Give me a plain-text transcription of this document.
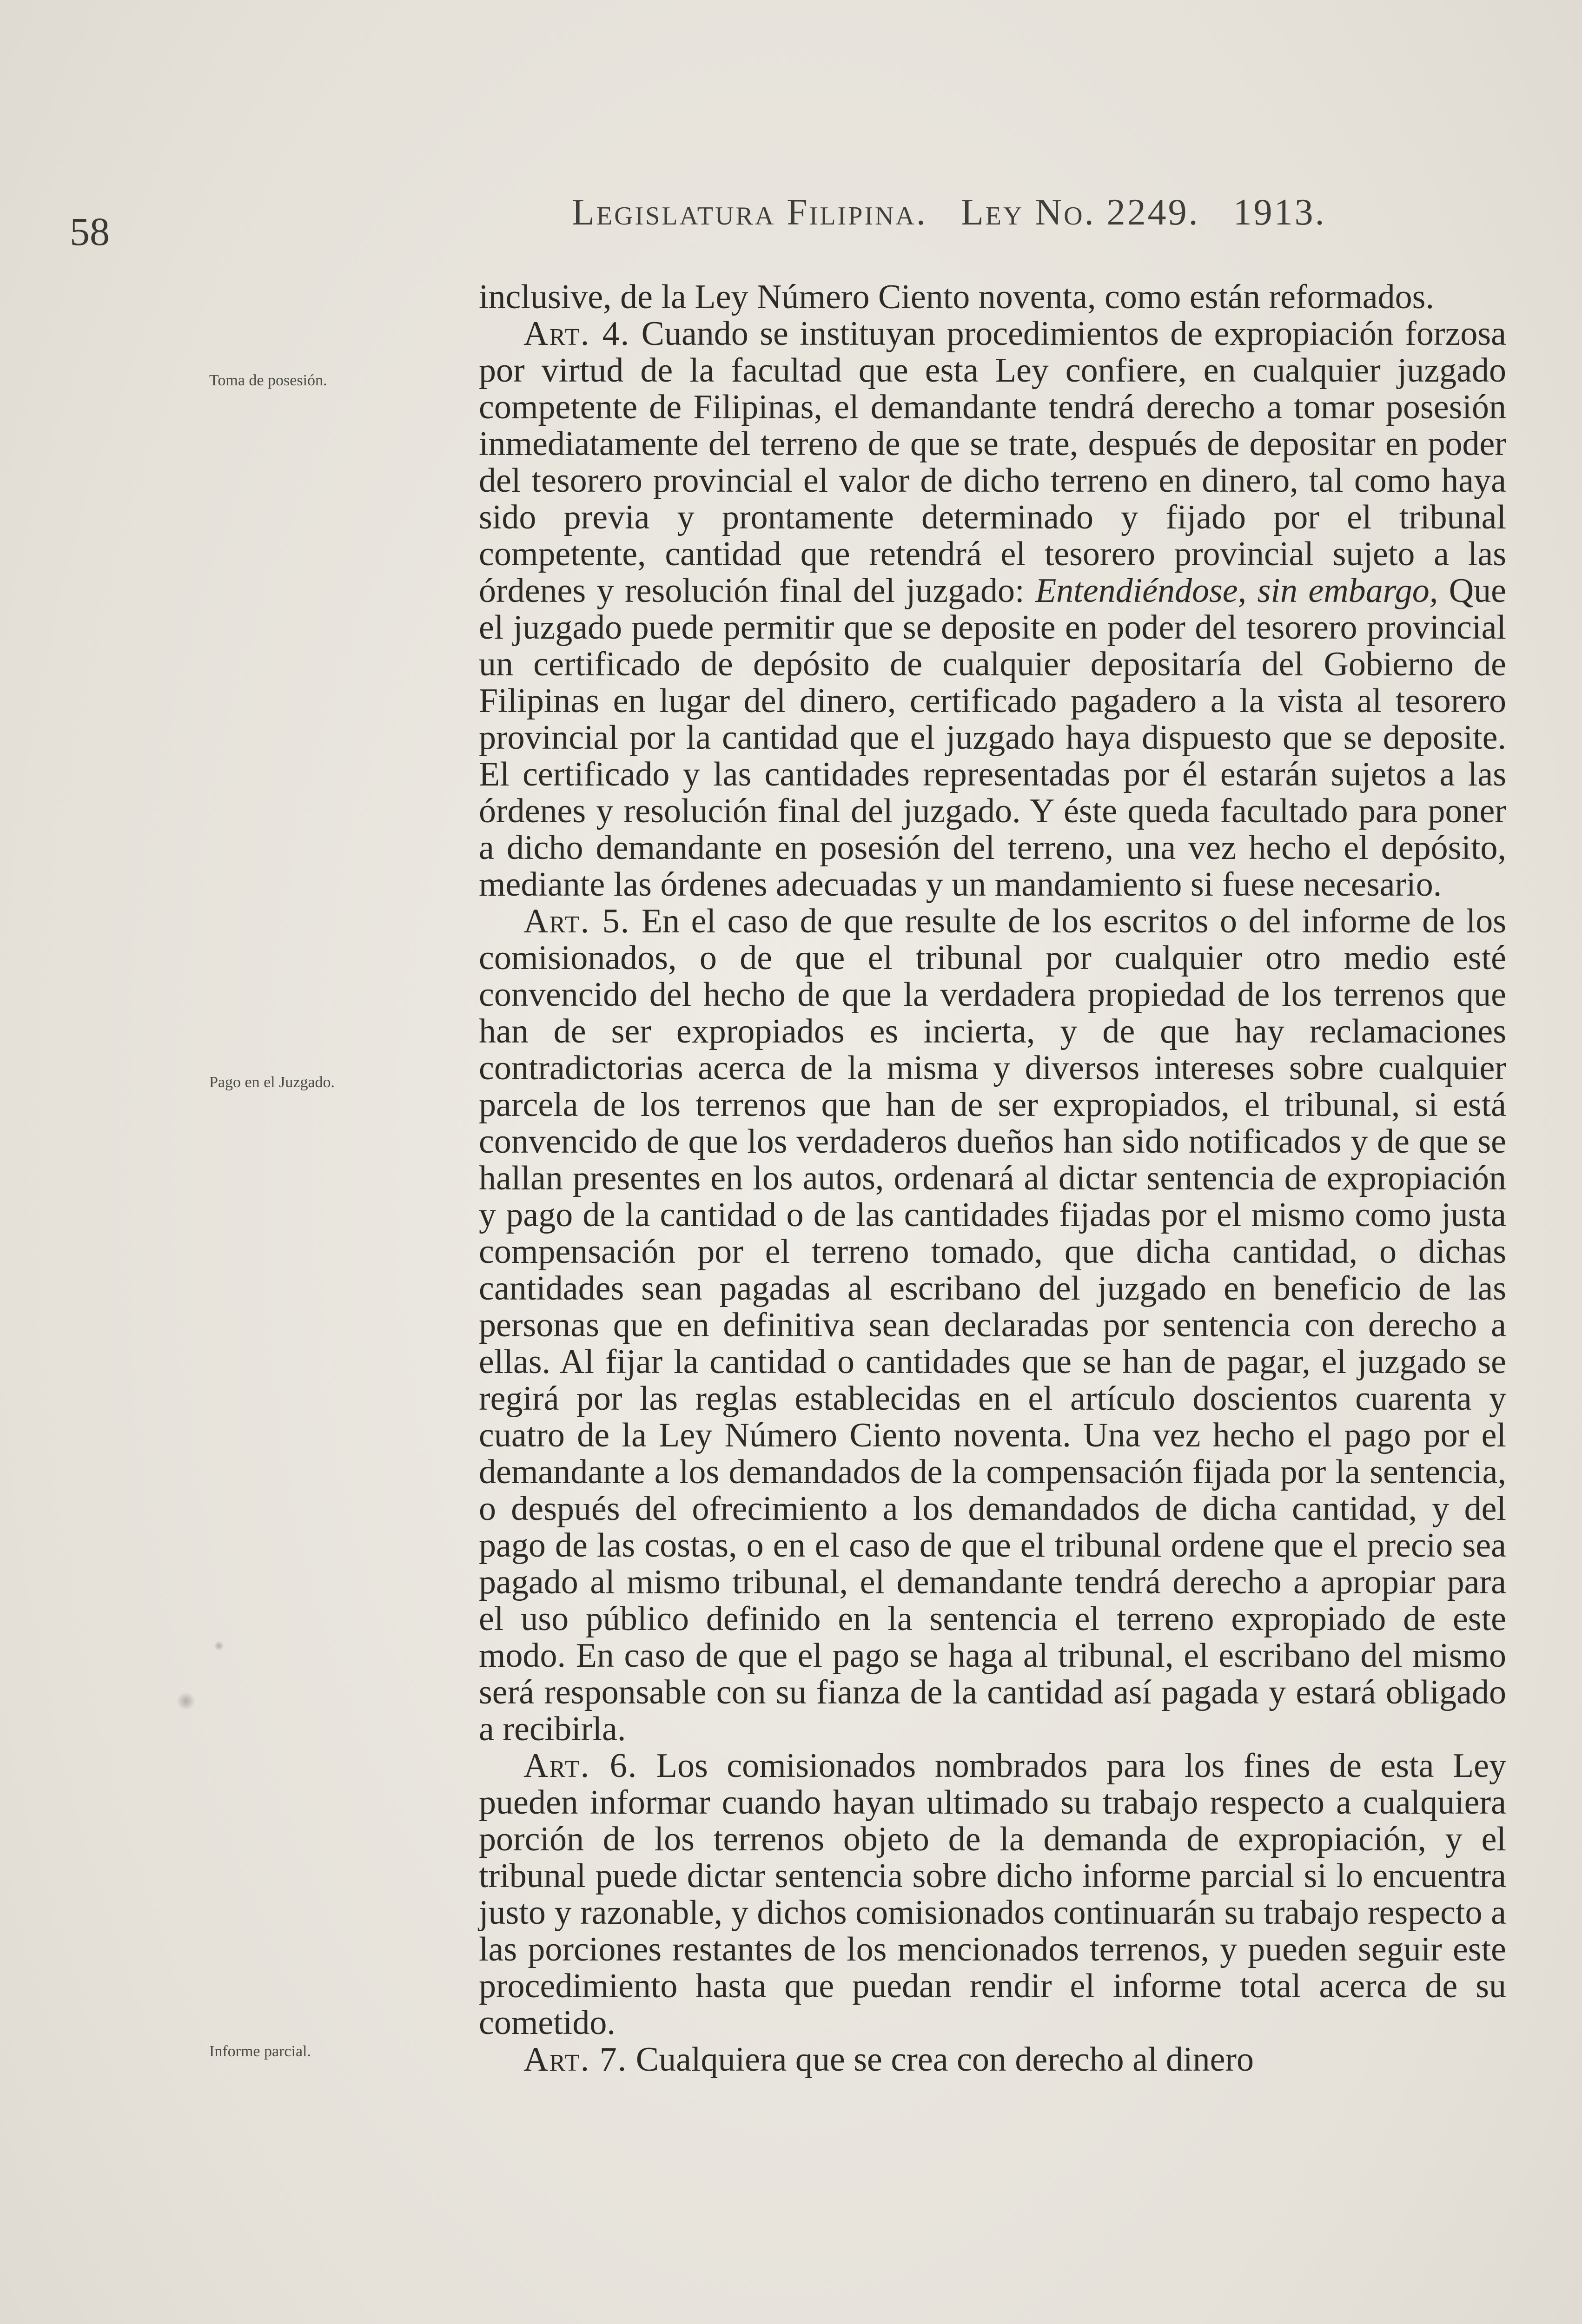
58	Legislatura Filipina. Ley No. 2249. 1913.
Toma de posesión.
Pago en el Juzgado.
Informe parcial.

inclusive, de la Ley Número Ciento noventa, como están reformados.

Art. 4. Cuando se instituyan procedimientos de expropiación forzosa por virtud de la facultad que esta Ley confiere, en cualquier juzgado competente de Filipinas, el demandante tendrá derecho a tomar posesión inmediatamente del terreno de que se trate, después de depositar en poder del tesorero provincial el valor de dicho terreno en dinero, tal como haya sido previa y prontamente determinado y fijado por el tribunal competente, cantidad que retendrá el tesorero provincial sujeto a las órdenes y resolución final del juzgado: Entendiéndose, sin embargo, Que el juzgado puede permitir que se deposite en poder del tesorero provincial un certificado de depósito de cualquier depositaría del Gobierno de Filipinas en lugar del dinero, certificado pagadero a la vista al tesorero provincial por la cantidad que el juzgado haya dispuesto que se deposite. El certificado y las cantidades representadas por él estarán sujetos a las órdenes y resolución final del juzgado. Y éste queda facultado para poner a dicho demandante en posesión del terreno, una vez hecho el depósito, mediante las órdenes adecuadas y un mandamiento si fuese necesario.

Art. 5. En el caso de que resulte de los escritos o del informe de los comisionados, o de que el tribunal por cualquier otro medio esté convencido del hecho de que la verdadera propiedad de los terrenos que han de ser expropiados es incierta, y de que hay reclamaciones contradictorias acerca de la misma y diversos intereses sobre cualquier parcela de los terrenos que han de ser expropiados, el tribunal, si está convencido de que los verdaderos dueños han sido notificados y de que se hallan presentes en los autos, ordenará al dictar sentencia de expropiación y pago de la cantidad o de las cantidades fijadas por el mismo como justa compensación por el terreno tomado, que dicha cantidad, o dichas cantidades sean pagadas al escribano del juzgado en beneficio de las personas que en definitiva sean declaradas por sentencia con derecho a ellas. Al fijar la cantidad o cantidades que se han de pagar, el juzgado se regirá por las reglas establecidas en el artículo doscientos cuarenta y cuatro de la Ley Número Ciento noventa. Una vez hecho el pago por el demandante a los demandados de la compensación fijada por la sentencia, o después del ofrecimiento a los demandados de dicha cantidad, y del pago de las costas, o en el caso de que el tribunal ordene que el precio sea pagado al mismo tribunal, el demandante tendrá derecho a apropiar para el uso público definido en la sentencia el terreno expropiado de este modo. En caso de que el pago se haga al tribunal, el escribano del mismo será responsable con su fianza de la cantidad así pagada y estará obligado a recibirla.

Art. 6. Los comisionados nombrados para los fines de esta Ley pueden informar cuando hayan ultimado su trabajo respecto a cualquiera porción de los terrenos objeto de la demanda de expropiación, y el tribunal puede dictar sentencia sobre dicho informe parcial si lo encuentra justo y razonable, y dichos comisionados continuarán su trabajo respecto a las porciones restantes de los mencionados terrenos, y pueden seguir este procedimiento hasta que puedan rendir el informe total acerca de su cometido.

Art. 7. Cualquiera que se crea con derecho al dinero
